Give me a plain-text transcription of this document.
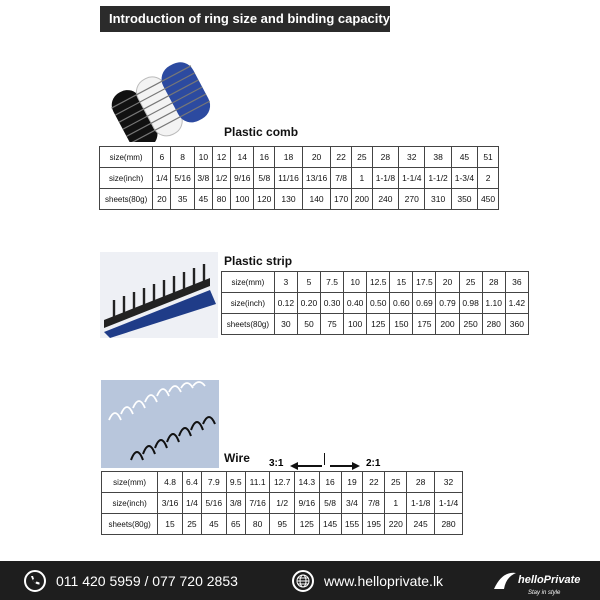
Introduction of ring size and binding capacity
Plastic comb
size(mm)	6	8	10	12	14	16	18	20	22	25	28	32	38	45	51
size(inch)	1/4	5/16	3/8	1/2	9/16	5/8	11/16	13/16	7/8	1	1-1/8	1-1/4	1-1/2	1-3/4	2
sheets(80g)	20	35	45	80	100	120	130	140	170	200	240	270	310	350	450
Plastic strip
size(mm)	3	5	7.5	10	12.5	15	17.5	20	25	28	36
size(inch)	0.12	0.20	0.30	0.40	0.50	0.60	0.69	0.79	0.98	1.10	1.42
sheets(80g)	30	50	75	100	125	150	175	200	250	280	360
Wire 3:1	2:1
size(mm)	4.8	6.4	7.9	9.5	11.1	12.7	14.3	16	19	22	25	28	32
size(inch)	3/16	1/4	5/16	3/8	7/16	1/2	9/16	5/8	3/4	7/8	1	1-1/8	1-1/4
sheets(80g)	15	25	45	65	80	95	125	145	155	195	220	245	280
011 420 5959 / 077 720 2853	www.helloprivate.lk	helloPrivate
Stay in style
